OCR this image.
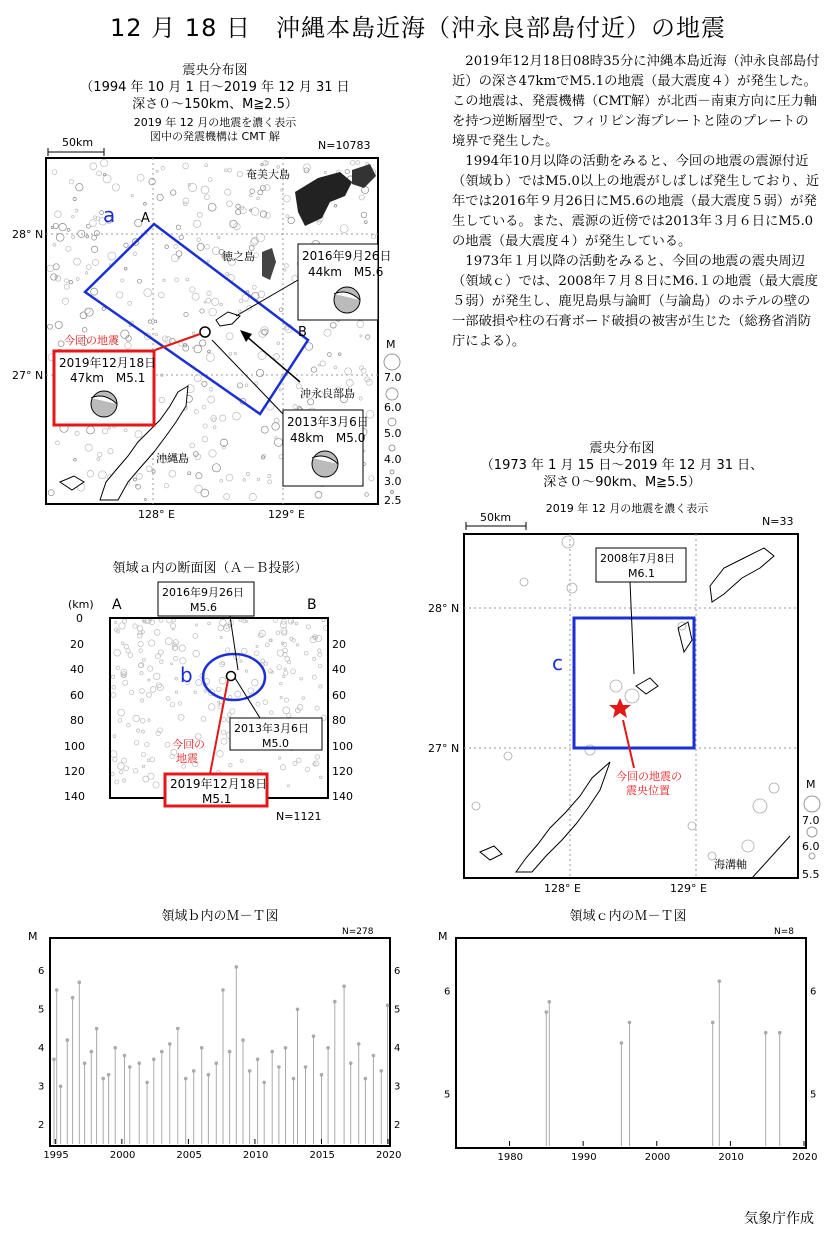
12 月 18 日　沖縄本島近海（沖永良部島付近）の地震
震央分布図
（1994 年 10 月 1 日～2019 年 12 月 31 日
深さ０～150km、M≧2.5）
2019 年 12 月の地震を濃く表示
図中の発震機構は CMT 解

2019年12月18日08時35分に沖縄本島近海（沖永良部島付近）の深さ47kmでM5.1の地震（最大震度４）が発生した。この地震は、発震機構（CMT解）が北西－南東方向に圧力軸を持つ逆断層型で、フィリピン海プレートと陸のプレートの境界で発生した。

1994年10月以降の活動をみると、今回の地震の震源付近（領域ｂ）ではM5.0以上の地震がしばしば発生しており、近年では2016年９月26日にM5.6の地震（最大震度５弱）が発生している。また、震源の近傍では2013年３月６日にM5.0の地震（最大震度４）が発生している。

1973年１月以降の活動をみると、今回の地震の震央周辺（領域ｃ）では、2008年７月８日にM6.１の地震（最大震度５弱）が発生し、鹿児島県与論町（与論島）のホテルの壁の一部破損や柱の石膏ボード破損の被害が生じた（総務省消防庁による）。

50km	N=10783
28° N
27° N
128° E	129° E
奄美大島
徳之島
沖永良部島
沖縄島
a A
B
今回の地震
2019年12月18日
47km　M5.1
2016年9月26日
44km　M5.6
2013年3月6日
48km　M5.0
M
7.0
6.0
5.0
4.0
3.0
2.5
領域ａ内の断面図（Ａ－Ｂ投影）
(km) A	B
0
20
40
60
80
100
120
140
20
40
60
80
100
120
140
b
2016年9月26日
M5.6
2013年3月6日
M5.0
今回の
地震
2019年12月18日
M5.1
N=1121
震央分布図
（1973 年 1 月 15 日～2019 年 12 月 31 日、
深さ０～90km、M≧5.5）
2019 年 12 月の地震を濃く表示
50km	N=33
28° N
27° N
128° E	129° E
c
2008年7月8日
M6.1
今回の地震の
震央位置
海溝軸
M
7.0
6.0
5.5
領域ｂ内のＭ－Ｔ図	領域ｃ内のＭ－Ｔ図
M	N=278
2
3
4
5
6
2
3
4
5
6
1995	2000	2005	2010	2015	2020
M	N=8
5
6
5
6
1980	1990	2000	2010	2020
気象庁作成
